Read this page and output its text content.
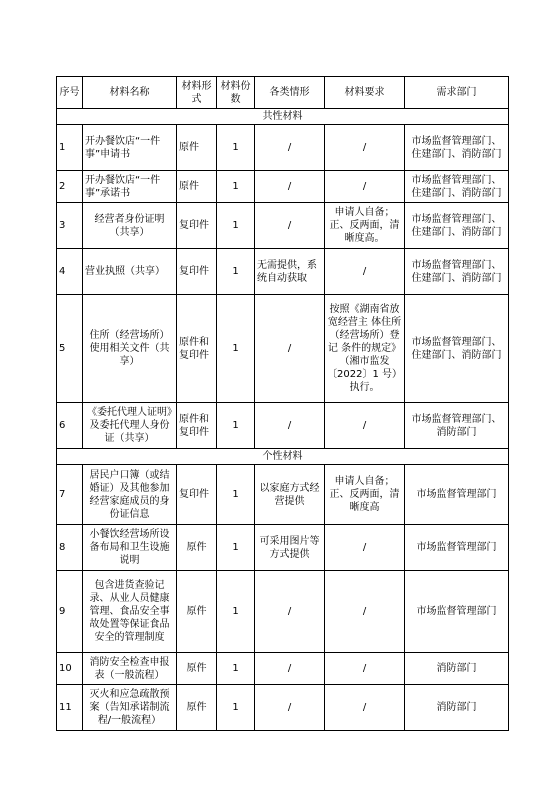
序号	材料名称	材料形式	材料份数	各类情形	材料要求	需求部门
共性材料						
1	开办餐饮店“一件事”申请书	原件	1	/	/	市场监督管理部门、住建部门、消防部门
2	开办餐饮店“一件事”承诺书	原件	1	/	/	市场监督管理部门、住建部门、消防部门
3	经营者身份证明（共享）	复印件	1	/	申请人自备；正、反两面，清晰度高。	市场监督管理部门、住建部门、消防部门
4	营业执照（共享）	复印件	1	无需提供，系统自动获取	/	市场监督管理部门、住建部门、消防部门
5	住所（经营场所）使用相关文件（共享）	原件和复印件	1	/	按照《湖南省放宽经营主 体住所（经营场所）登记 条件的规定》（湘市监发〔2022〕1 号）执行。	市场监督管理部门、住建部门、消防部门
6	《委托代理人证明》及委托代理人身份证（共享）	原件和复印件	1	/	/	市场监督管理部门、消防部门
个性材料						
7	居民户口簿（或结婚证）及其他参加经营家庭成员的身份证信息	复印件	1	以家庭方式经营提供	申请人自备；正、反两面，清晰度高	市场监督管理部门
8	小餐饮经营场所设备布局和卫生设施说明	原件	1	可采用图片等方式提供	/	市场监督管理部门
9	包含进货查验记录、从业人员健康管理、食品安全事故处置等保证食品安全的管理制度	原件	1	/	/	市场监督管理部门
10	消防安全检查申报表（一般流程）	原件	1	/	/	消防部门
11	灭火和应急疏散预案（告知承诺制流程/一般流程）	原件	1	/	/	消防部门
